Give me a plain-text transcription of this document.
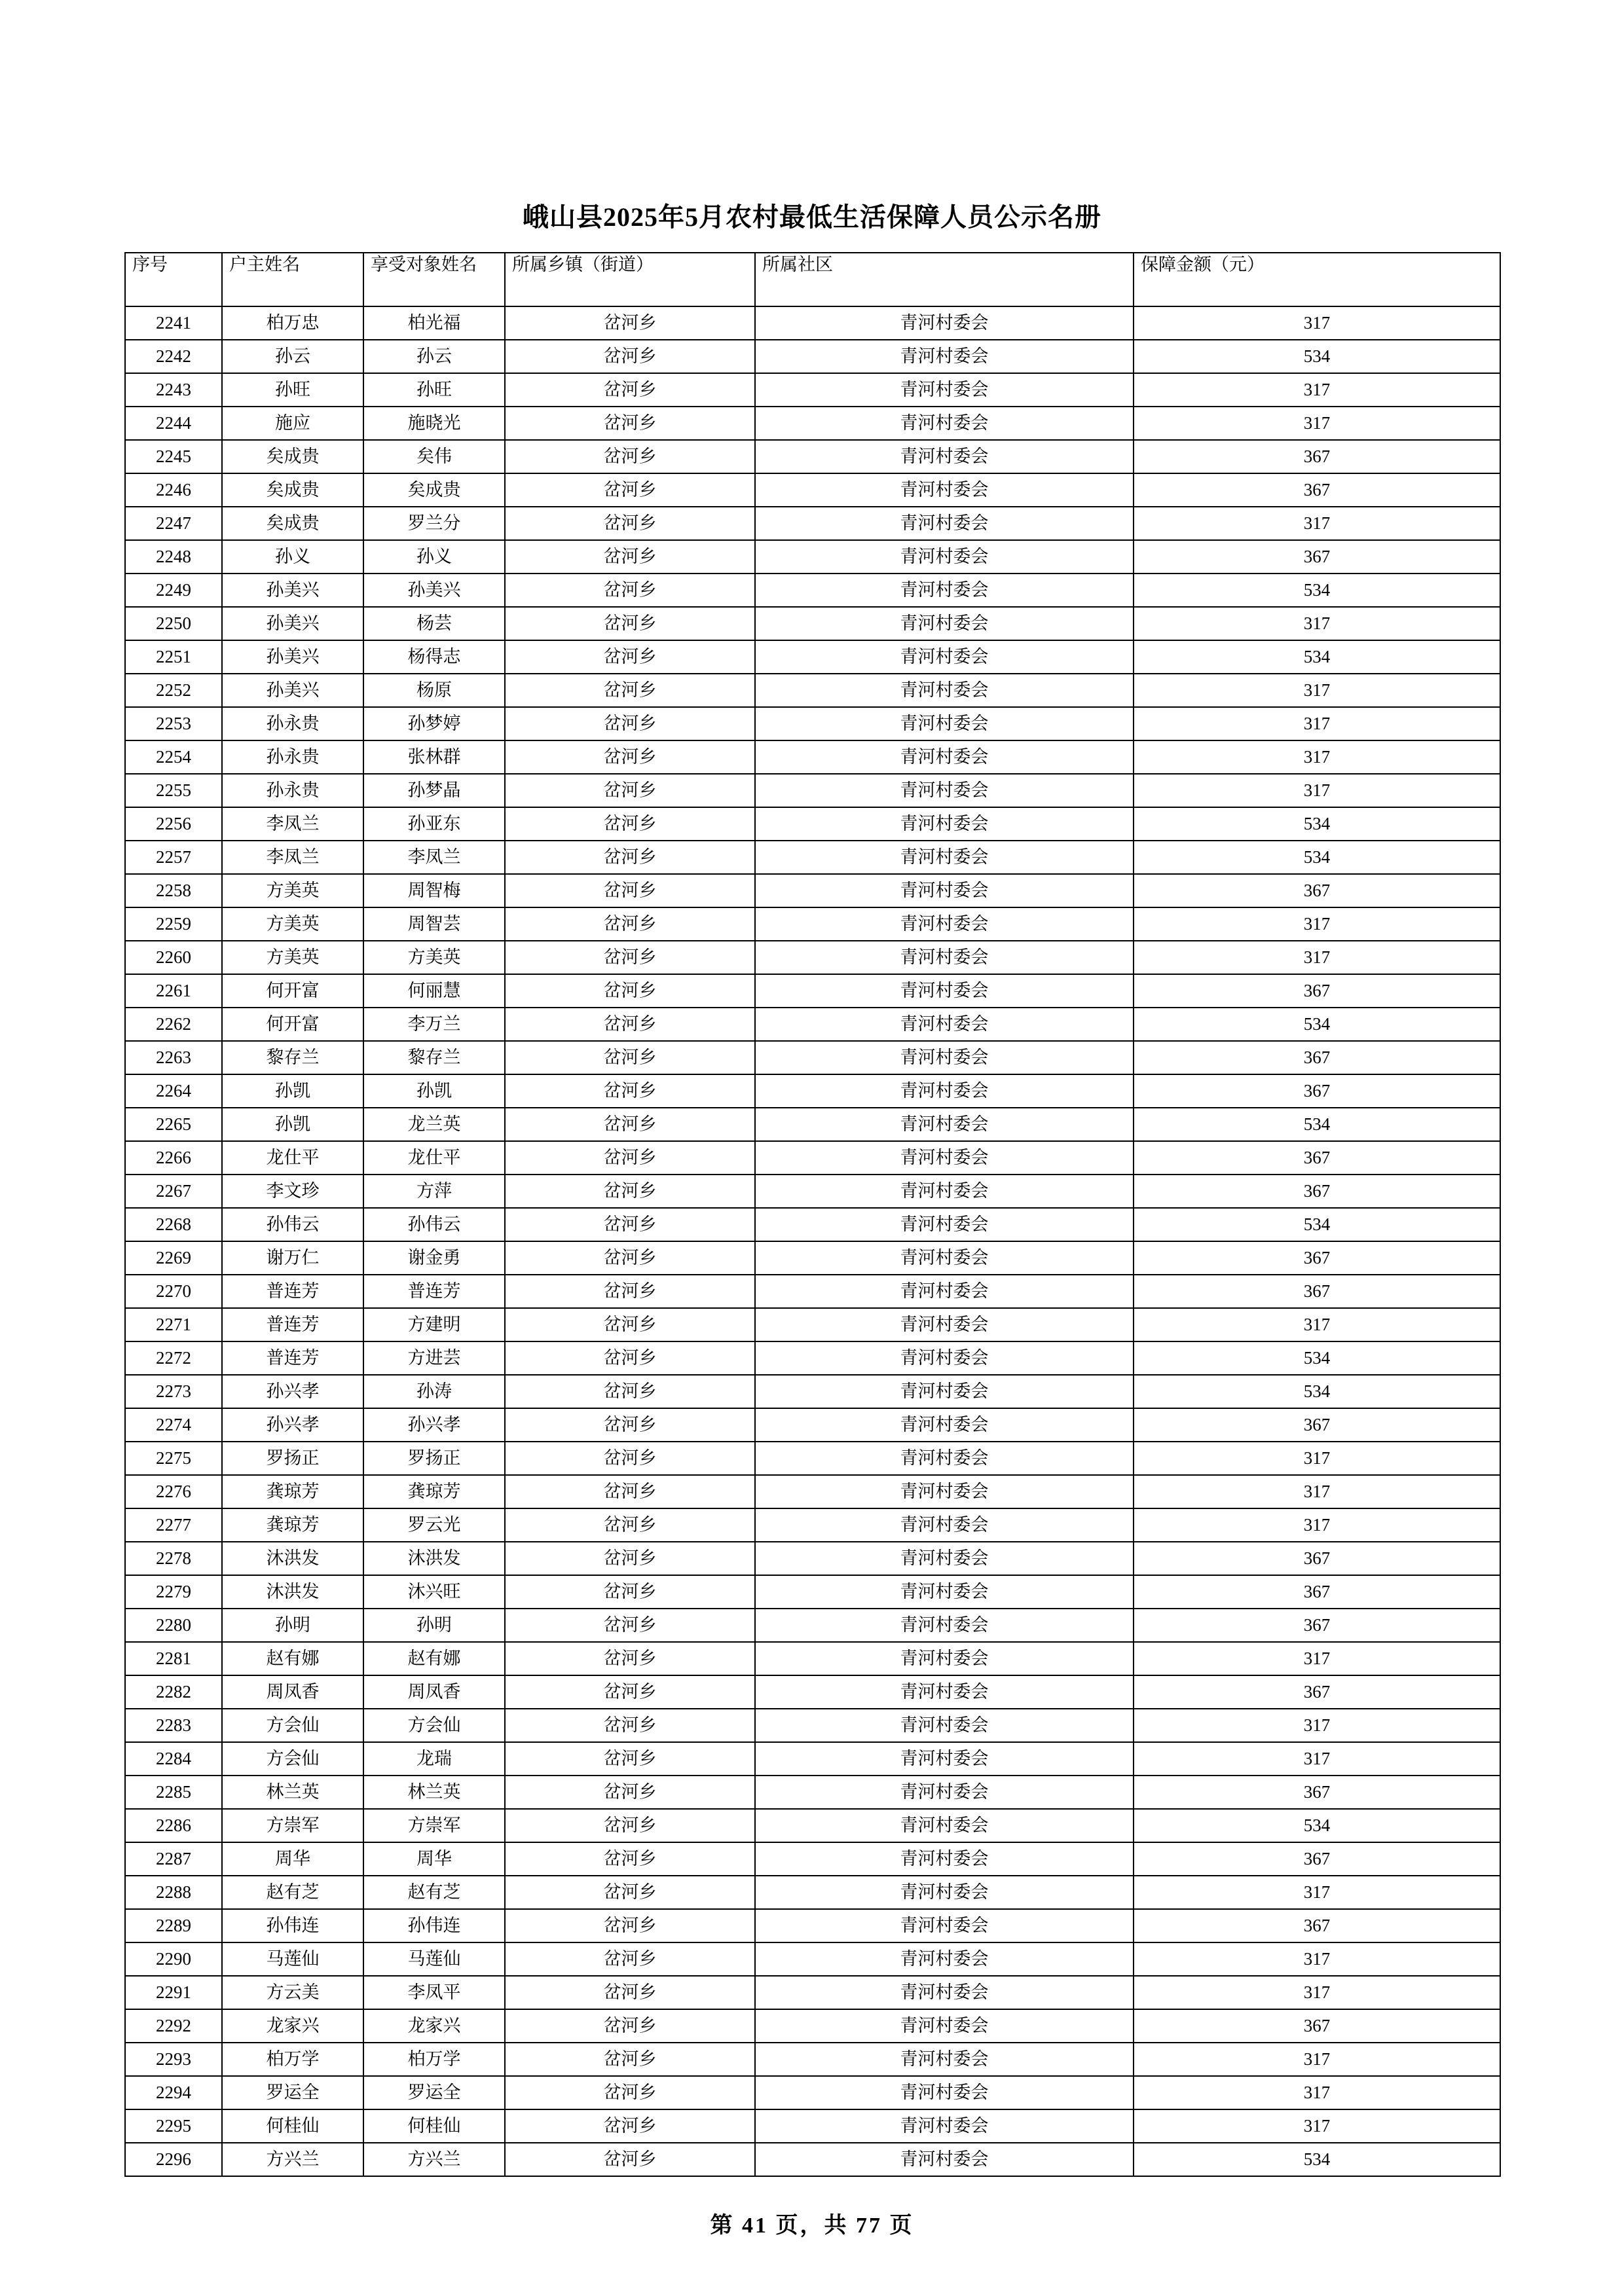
峨山县2025年5月农村最低生活保障人员公示名册
序号	户主姓名	享受对象姓名	所属乡镇（街道）	所属社区	保障金额（元）
2241	柏万忠	柏光福	岔河乡	青河村委会	317
2242	孙云	孙云	岔河乡	青河村委会	534
2243	孙旺	孙旺	岔河乡	青河村委会	317
2244	施应	施晓光	岔河乡	青河村委会	317
2245	矣成贵	矣伟	岔河乡	青河村委会	367
2246	矣成贵	矣成贵	岔河乡	青河村委会	367
2247	矣成贵	罗兰分	岔河乡	青河村委会	317
2248	孙义	孙义	岔河乡	青河村委会	367
2249	孙美兴	孙美兴	岔河乡	青河村委会	534
2250	孙美兴	杨芸	岔河乡	青河村委会	317
2251	孙美兴	杨得志	岔河乡	青河村委会	534
2252	孙美兴	杨原	岔河乡	青河村委会	317
2253	孙永贵	孙梦婷	岔河乡	青河村委会	317
2254	孙永贵	张林群	岔河乡	青河村委会	317
2255	孙永贵	孙梦晶	岔河乡	青河村委会	317
2256	李凤兰	孙亚东	岔河乡	青河村委会	534
2257	李凤兰	李凤兰	岔河乡	青河村委会	534
2258	方美英	周智梅	岔河乡	青河村委会	367
2259	方美英	周智芸	岔河乡	青河村委会	317
2260	方美英	方美英	岔河乡	青河村委会	317
2261	何开富	何丽慧	岔河乡	青河村委会	367
2262	何开富	李万兰	岔河乡	青河村委会	534
2263	黎存兰	黎存兰	岔河乡	青河村委会	367
2264	孙凯	孙凯	岔河乡	青河村委会	367
2265	孙凯	龙兰英	岔河乡	青河村委会	534
2266	龙仕平	龙仕平	岔河乡	青河村委会	367
2267	李文珍	方萍	岔河乡	青河村委会	367
2268	孙伟云	孙伟云	岔河乡	青河村委会	534
2269	谢万仁	谢金勇	岔河乡	青河村委会	367
2270	普连芳	普连芳	岔河乡	青河村委会	367
2271	普连芳	方建明	岔河乡	青河村委会	317
2272	普连芳	方进芸	岔河乡	青河村委会	534
2273	孙兴孝	孙涛	岔河乡	青河村委会	534
2274	孙兴孝	孙兴孝	岔河乡	青河村委会	367
2275	罗扬正	罗扬正	岔河乡	青河村委会	317
2276	龚琼芳	龚琼芳	岔河乡	青河村委会	317
2277	龚琼芳	罗云光	岔河乡	青河村委会	317
2278	沐洪发	沐洪发	岔河乡	青河村委会	367
2279	沐洪发	沐兴旺	岔河乡	青河村委会	367
2280	孙明	孙明	岔河乡	青河村委会	367
2281	赵有娜	赵有娜	岔河乡	青河村委会	317
2282	周凤香	周凤香	岔河乡	青河村委会	367
2283	方会仙	方会仙	岔河乡	青河村委会	317
2284	方会仙	龙瑞	岔河乡	青河村委会	317
2285	林兰英	林兰英	岔河乡	青河村委会	367
2286	方崇军	方崇军	岔河乡	青河村委会	534
2287	周华	周华	岔河乡	青河村委会	367
2288	赵有芝	赵有芝	岔河乡	青河村委会	317
2289	孙伟连	孙伟连	岔河乡	青河村委会	367
2290	马莲仙	马莲仙	岔河乡	青河村委会	317
2291	方云美	李凤平	岔河乡	青河村委会	317
2292	龙家兴	龙家兴	岔河乡	青河村委会	367
2293	柏万学	柏万学	岔河乡	青河村委会	317
2294	罗运全	罗运全	岔河乡	青河村委会	317
2295	何桂仙	何桂仙	岔河乡	青河村委会	317
2296	方兴兰	方兴兰	岔河乡	青河村委会	534
第 41 页，共 77 页
